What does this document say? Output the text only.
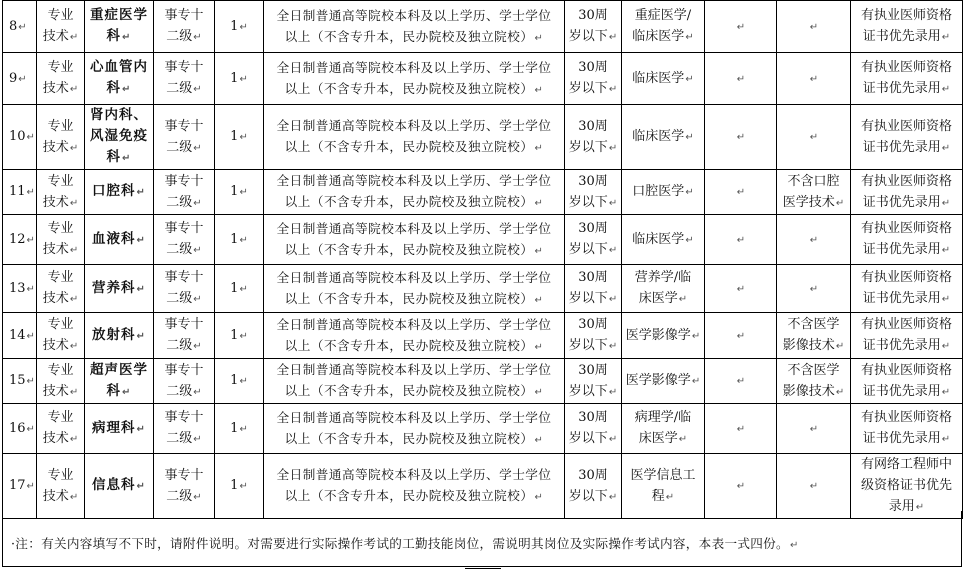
8↵	专业
技术↵	重症医学
科↵	事专十
二级↵	1↵	全日制普通高等院校本科及以上学历、学士学位
以上（不含专升本，民办院校及独立院校）↵	30周
岁以下↵	重症医学/
临床医学↵	↵	↵	有执业医师资格
证书优先录用↵
9↵	专业
技术↵	心血管内
科↵	事专十
二级↵	1↵	全日制普通高等院校本科及以上学历、学士学位
以上（不含专升本，民办院校及独立院校）↵	30周
岁以下↵	临床医学↵	↵	↵	有执业医师资格
证书优先录用↵
10↵	专业
技术↵	肾内科、
风湿免疫
科↵	事专十
二级↵	1↵	全日制普通高等院校本科及以上学历、学士学位
以上（不含专升本，民办院校及独立院校）↵	30周
岁以下↵	临床医学↵	↵	↵	有执业医师资格
证书优先录用↵
11↵	专业
技术↵	口腔科↵	事专十
二级↵	1↵	全日制普通高等院校本科及以上学历、学士学位
以上（不含专升本，民办院校及独立院校）↵	30周
岁以下↵	口腔医学↵	↵	不含口腔
医学技术↵	有执业医师资格
证书优先录用↵
12↵	专业
技术↵	血液科↵	事专十
二级↵	1↵	全日制普通高等院校本科及以上学历、学士学位
以上（不含专升本，民办院校及独立院校）↵	30周
岁以下↵	临床医学↵	↵	↵	有执业医师资格
证书优先录用↵
13↵	专业
技术↵	营养科↵	事专十
二级↵	1↵	全日制普通高等院校本科及以上学历、学士学位
以上（不含专升本，民办院校及独立院校）↵	30周
岁以下↵	营养学/临
床医学↵	↵	↵	有执业医师资格
证书优先录用↵
14↵	专业
技术↵	放射科↵	事专十
二级↵	1↵	全日制普通高等院校本科及以上学历、学士学位
以上（不含专升本，民办院校及独立院校）↵	30周
岁以下↵	医学影像学↵	↵	不含医学
影像技术↵	有执业医师资格
证书优先录用↵
15↵	专业
技术↵	超声医学
科↵	事专十
二级↵	1↵	全日制普通高等院校本科及以上学历、学士学位
以上（不含专升本，民办院校及独立院校）↵	30周
岁以下↵	医学影像学↵	↵	不含医学
影像技术↵	有执业医师资格
证书优先录用↵
16↵	专业
技术↵	病理科↵	事专十
二级↵	1↵	全日制普通高等院校本科及以上学历、学士学位
以上（不含专升本，民办院校及独立院校）↵	30周
岁以下↵	病理学/临
床医学↵	↵	↵	有执业医师资格
证书优先录用↵
17↵	专业
技术↵	信息科↵	事专十
二级↵	1↵	全日制普通高等院校本科及以上学历、学士学位
以上（不含专升本，民办院校及独立院校）↵	30周
岁以下↵	医学信息工
程↵	↵	↵	有网络工程师中
级资格证书优先
录用↵
·注：有关内容填写不下时，请附件说明。对需要进行实际操作考试的工勤技能岗位，需说明其岗位及实际操作考试内容，本表一式四份。↵
